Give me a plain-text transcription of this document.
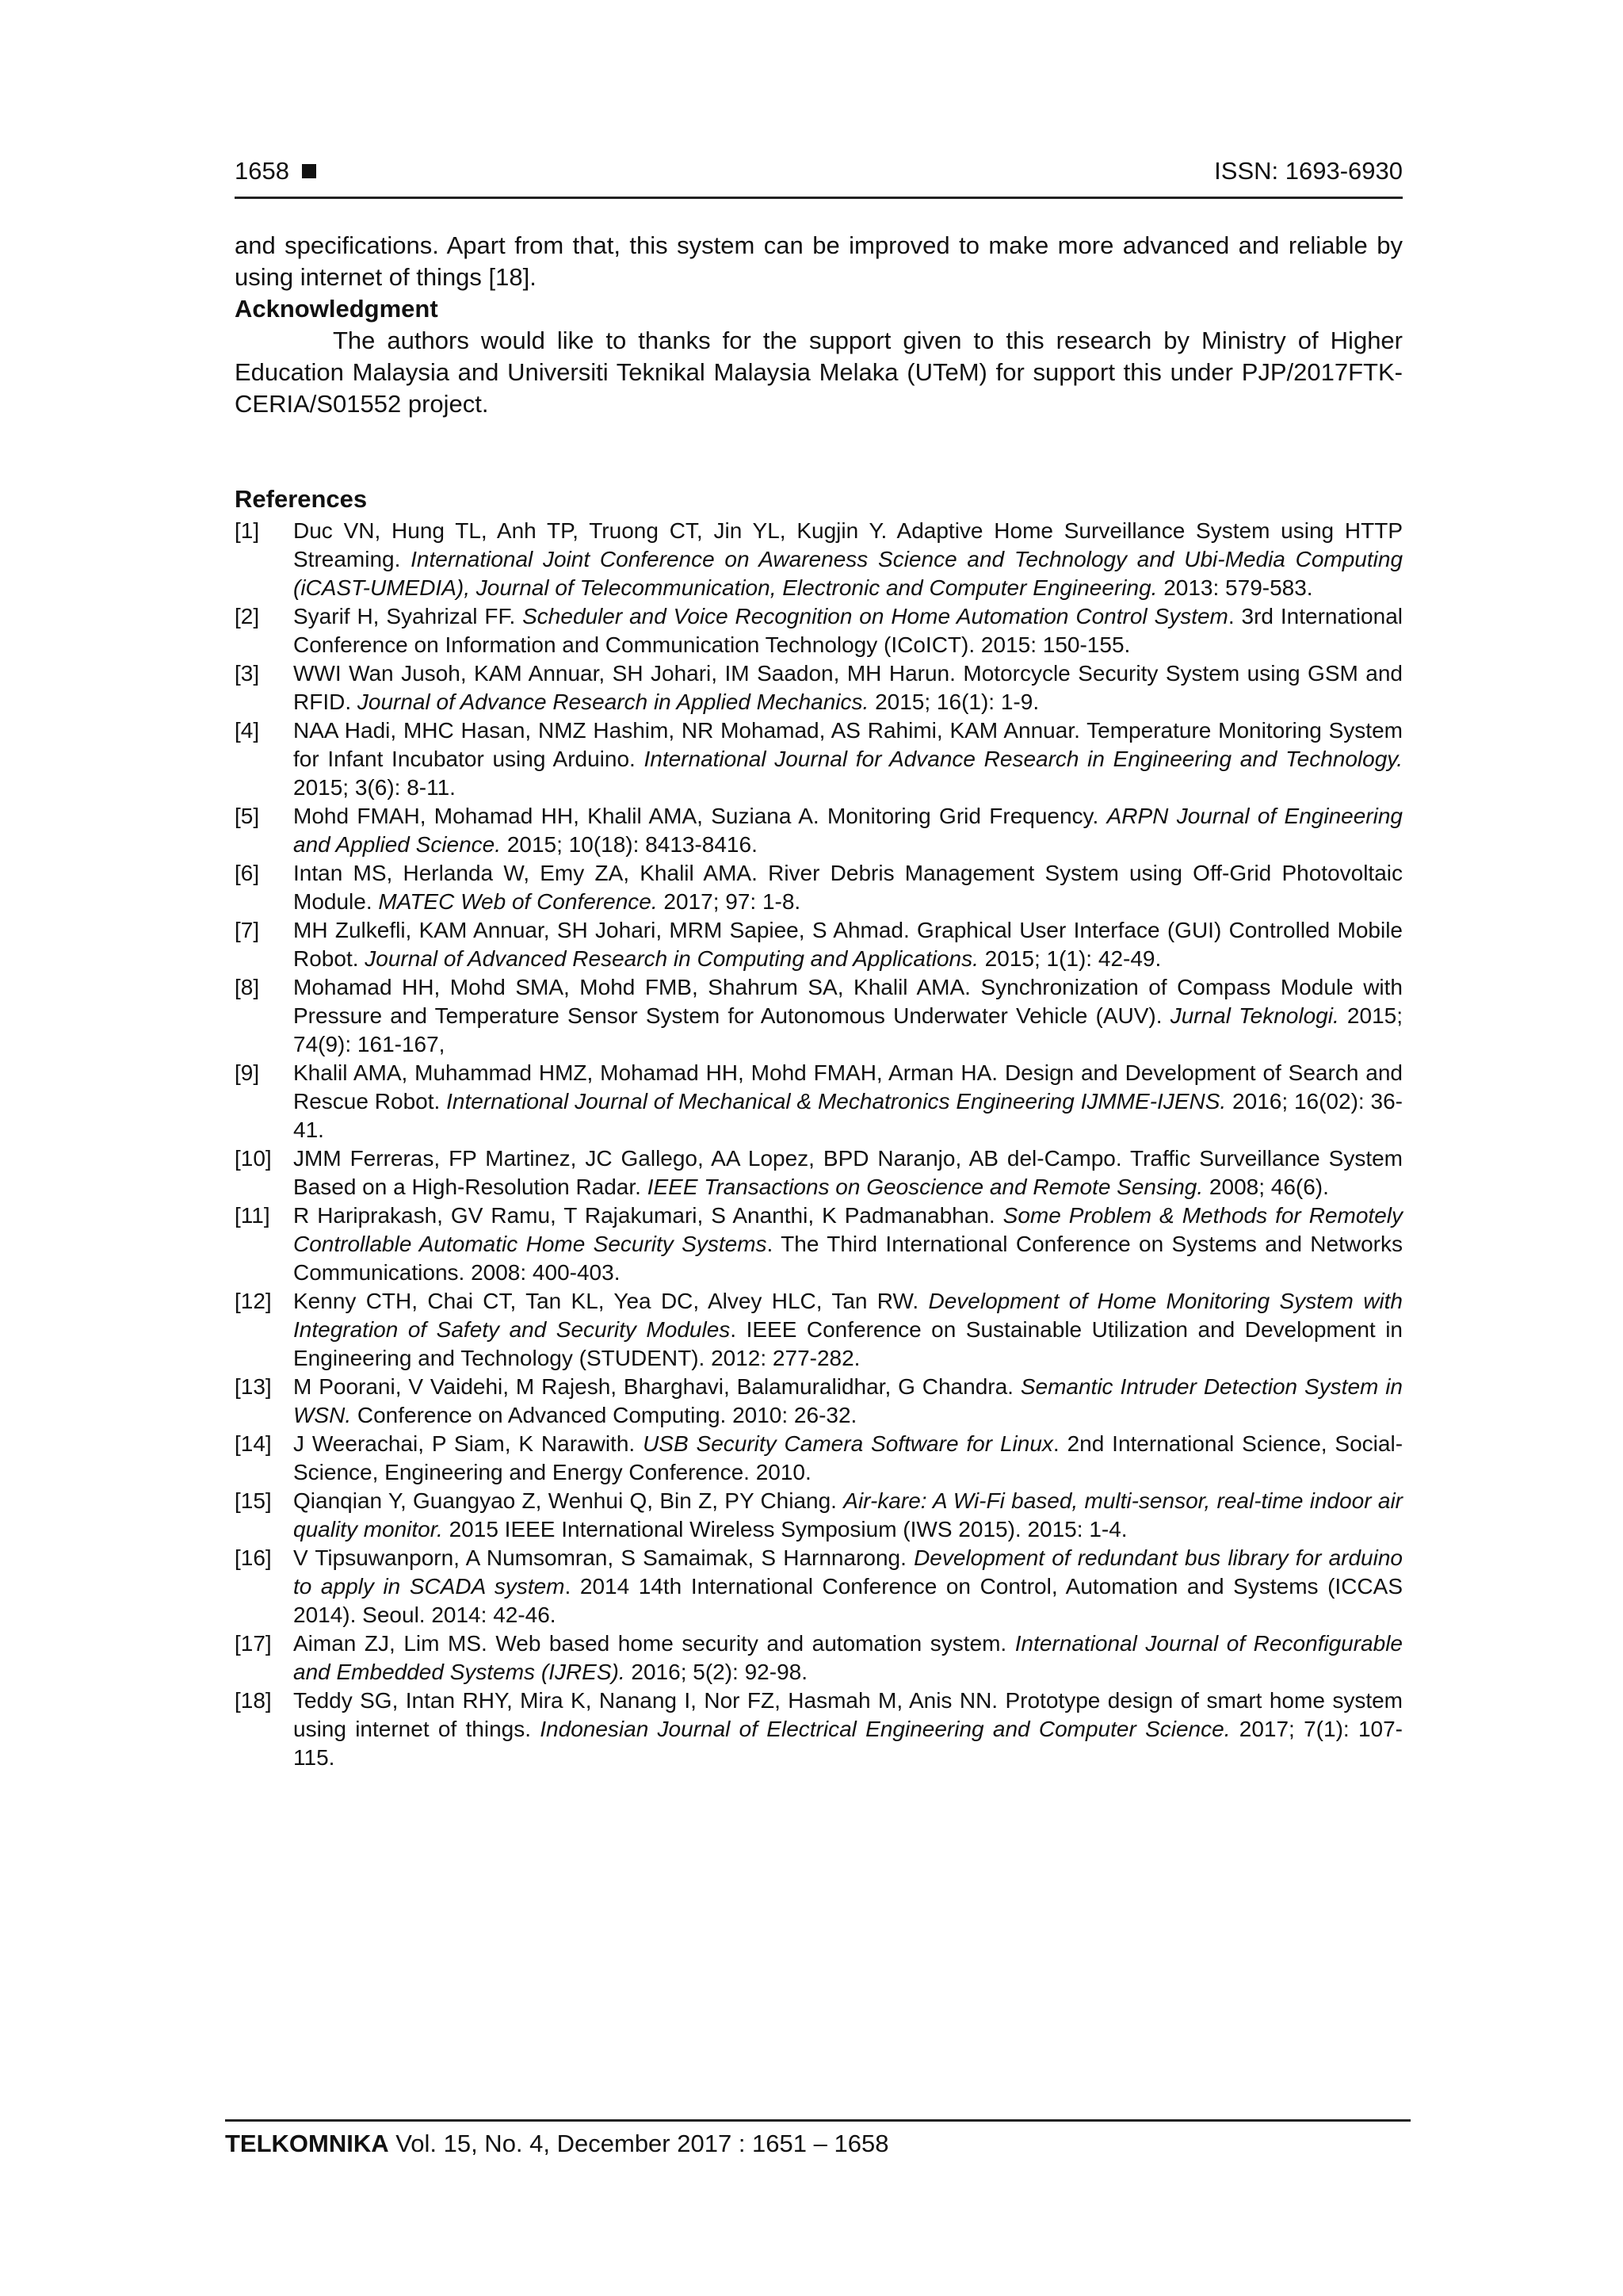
1658	ISSN: 1693-6930

and specifications. Apart from that, this system can be improved to make more advanced and reliable by using internet of things [18].

Acknowledgment

The authors would like to thanks for the support given to this research by Ministry of Higher Education Malaysia and Universiti Teknikal Malaysia Melaka (UTeM) for support this under PJP/2017FTK-CERIA/S01552 project.

References
[1] Duc VN, Hung TL, Anh TP, Truong CT, Jin YL, Kugjin Y. Adaptive Home Surveillance System using HTTP Streaming. International Joint Conference on Awareness Science and Technology and Ubi-Media Computing (iCAST-UMEDIA), Journal of Telecommunication, Electronic and Computer Engineering. 2013: 579-583.
[2] Syarif H, Syahrizal FF. Scheduler and Voice Recognition on Home Automation Control System. 3rd International Conference on Information and Communication Technology (ICoICT). 2015: 150-155.
[3] WWI Wan Jusoh, KAM Annuar, SH Johari, IM Saadon, MH Harun. Motorcycle Security System using GSM and RFID. Journal of Advance Research in Applied Mechanics. 2015; 16(1): 1-9.
[4] NAA Hadi, MHC Hasan, NMZ Hashim, NR Mohamad, AS Rahimi, KAM Annuar. Temperature Monitoring System for Infant Incubator using Arduino. International Journal for Advance Research in Engineering and Technology. 2015; 3(6): 8-11.
[5] Mohd FMAH, Mohamad HH, Khalil AMA, Suziana A. Monitoring Grid Frequency. ARPN Journal of Engineering and Applied Science. 2015; 10(18): 8413-8416.
[6] Intan MS, Herlanda W, Emy ZA, Khalil AMA. River Debris Management System using Off-Grid Photovoltaic Module. MATEC Web of Conference. 2017; 97: 1-8.
[7] MH Zulkefli, KAM Annuar, SH Johari, MRM Sapiee, S Ahmad. Graphical User Interface (GUI) Controlled Mobile Robot. Journal of Advanced Research in Computing and Applications. 2015; 1(1): 42-49.
[8] Mohamad HH, Mohd SMA, Mohd FMB, Shahrum SA, Khalil AMA. Synchronization of Compass Module with Pressure and Temperature Sensor System for Autonomous Underwater Vehicle (AUV). Jurnal Teknologi. 2015; 74(9): 161-167,
[9] Khalil AMA, Muhammad HMZ, Mohamad HH, Mohd FMAH, Arman HA. Design and Development of Search and Rescue Robot. International Journal of Mechanical & Mechatronics Engineering IJMME-IJENS. 2016; 16(02): 36-41.
[10] JMM Ferreras, FP Martinez, JC Gallego, AA Lopez, BPD Naranjo, AB del-Campo. Traffic Surveillance System Based on a High-Resolution Radar. IEEE Transactions on Geoscience and Remote Sensing. 2008; 46(6).
[11] R Hariprakash, GV Ramu, T Rajakumari, S Ananthi, K Padmanabhan. Some Problem & Methods for Remotely Controllable Automatic Home Security Systems. The Third International Conference on Systems and Networks Communications. 2008: 400-403.
[12] Kenny CTH, Chai CT, Tan KL, Yea DC, Alvey HLC, Tan RW. Development of Home Monitoring System with Integration of Safety and Security Modules. IEEE Conference on Sustainable Utilization and Development in Engineering and Technology (STUDENT). 2012: 277-282.
[13] M Poorani, V Vaidehi, M Rajesh, Bharghavi, Balamuralidhar, G Chandra. Semantic Intruder Detection System in WSN. Conference on Advanced Computing. 2010: 26-32.
[14] J Weerachai, P Siam, K Narawith. USB Security Camera Software for Linux. 2nd International Science, Social-Science, Engineering and Energy Conference. 2010.
[15] Qianqian Y, Guangyao Z, Wenhui Q, Bin Z, PY Chiang. Air-kare: A Wi-Fi based, multi-sensor, real-time indoor air quality monitor. 2015 IEEE International Wireless Symposium (IWS 2015). 2015: 1-4.
[16] V Tipsuwanporn, A Numsomran, S Samaimak, S Harnnarong. Development of redundant bus library for arduino to apply in SCADA system. 2014 14th International Conference on Control, Automation and Systems (ICCAS 2014). Seoul. 2014: 42-46.
[17] Aiman ZJ, Lim MS. Web based home security and automation system. International Journal of Reconfigurable and Embedded Systems (IJRES). 2016; 5(2): 92-98.
[18] Teddy SG, Intan RHY, Mira K, Nanang I, Nor FZ, Hasmah M, Anis NN. Prototype design of smart home system using internet of things. Indonesian Journal of Electrical Engineering and Computer Science. 2017; 7(1): 107-115.
TELKOMNIKA Vol. 15, No. 4, December 2017 : 1651 – 1658
